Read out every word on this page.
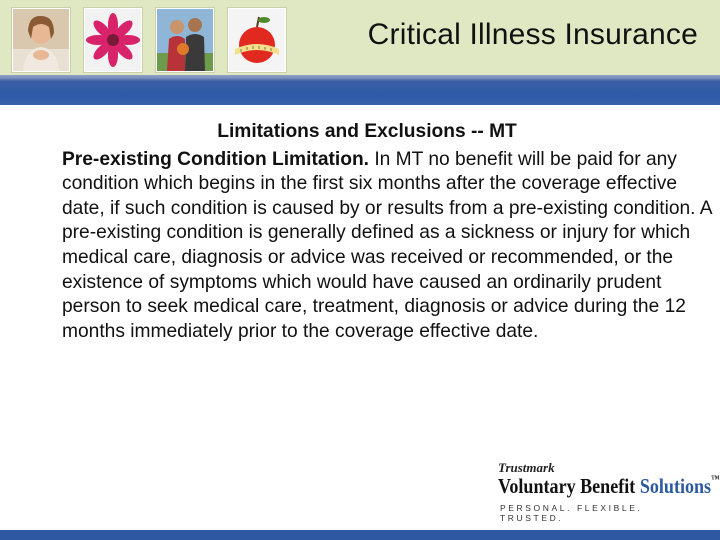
Critical Illness Insurance

Limitations and Exclusions -- MT

Pre-existing Condition Limitation. In MT no benefit will be paid for any condition which begins in the first six months after the coverage effective date, if such condition is caused by or results from a pre-existing condition. A pre-existing condition is generally defined as a sickness or injury for which medical care, diagnosis or advice was received or recommended, or the existence of symptoms which would have caused an ordinarily prudent person to seek medical care, treatment, diagnosis or advice during the 12 months immediately prior to the coverage effective date.

Trustmark
Voluntary Benefit Solutions™
PERSONAL. FLEXIBLE. TRUSTED.
